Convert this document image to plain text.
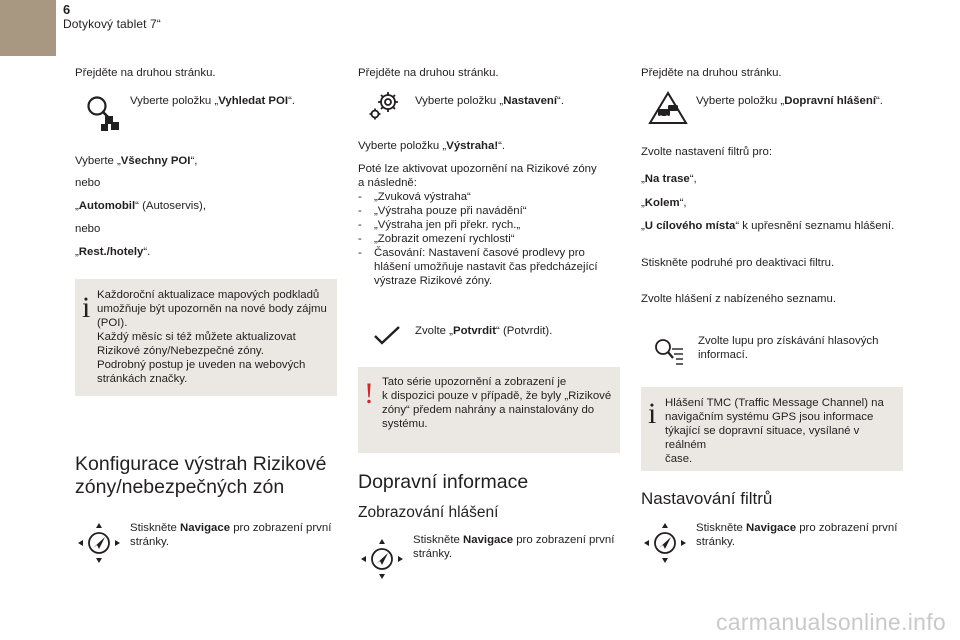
6
Dotykový tablet 7“

Přejděte na druhou stránku.

Vyberte položku „Vyhledat POI“.

Vyberte „Všechny POI“,

nebo

„Automobil“ (Autoservis),

nebo

„Rest./hotely“.

i Každoroční aktualizace mapových podkladů
umožňuje být upozorněn na nové body zájmu
(POI).
Každý měsíc si též můžete aktualizovat
Rizikové zóny/Nebezpečné zóny.
Podrobný postup je uveden na webových
stránkách značky.
Konfigurace výstrah Rizikové
zóny/nebezpečných zón
Stiskněte Navigace pro zobrazení první
stránky.

Přejděte na druhou stránku.

Vyberte položku „Nastavení“.

Vyberte položku „Výstraha!“.

Poté lze aktivovat upozornění na Rizikové zóny
a následně:
- „Zvuková výstraha“
- „Výstraha pouze při navádění“
- „Výstraha jen při překr. rych.„
- „Zobrazit omezení rychlosti“
- Časování: Nastavení časové prodlevy pro
hlášení umožňuje nastavit čas předcházející
výstraze Rizikové zóny.

Zvolte „Potvrdit“ (Potvrdit).

! Tato série upozornění a zobrazení je
k dispozici pouze v případě, že byly „Rizikové
zóny“ předem nahrány a nainstalovány do
systému.
Dopravní informace
Zobrazování hlášení
Stiskněte Navigace pro zobrazení první
stránky.

Přejděte na druhou stránku.

Vyberte položku „Dopravní hlášení“.

Zvolte nastavení filtrů pro:

„Na trase“,

„Kolem“,

„U cílového místa“ k upřesnění seznamu hlášení.

Stiskněte podruhé pro deaktivaci filtru.

Zvolte hlášení z nabízeného seznamu.

Zvolte lupu pro získávání hlasových
informací.
i Hlášení TMC (Traffic Message Channel) na
navigačním systému GPS jsou informace
týkající se dopravní situace, vysílané v reálném
čase.
Nastavování filtrů
Stiskněte Navigace pro zobrazení první
stránky.
carmanualsonline.info
